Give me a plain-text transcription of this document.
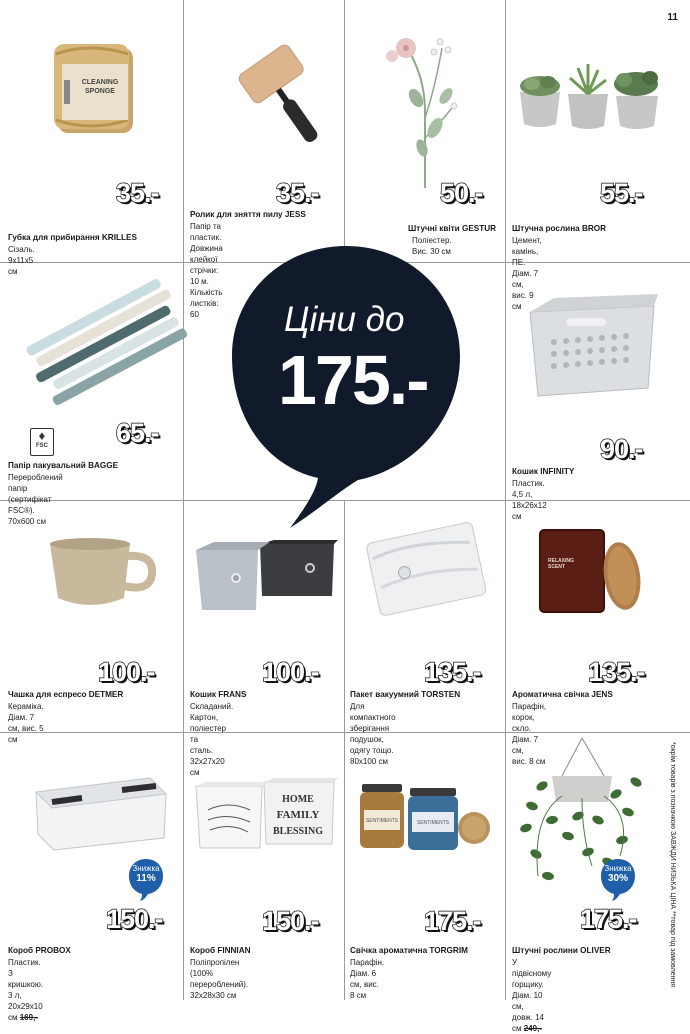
11
CLEANING
SPONGE
35.-
Губка для прибирання KRILLES
Сізаль. 9x11x5 см
35.-
Ролик для зняття пилу JESS
Папір та пластик. Довжина
клейкої стрічки: 10 м.
Кількість листків: 60
50.-
Штучні квіти GESTUR
Поліестер. Вис. 30 см
55.-
Штучна рослина BROR
Цемент, камінь, ПЕ. Діам. 7 см,
вис. 9 см
65.-
♦
FSC
Папір пакувальний BAGGE
Перероблений папір (сертифікат
FSC®). 70x600 см
Ціни до
175.-
90.-
Кошик INFINITY
Пластик. 4,5 л, 18x26x12 см
100.-
Чашка для еспресо DETMER
Кераміка. Діам. 7 см, вис. 5 см
100.-
Кошик FRANS
Складаний. Картон, поліестер та
сталь. 32x27x20 см
135.-
Пакет вакуумний TORSTEN
Для компактного зберігання
подушок, одягу тощо. 80x100 см
RELAXING
SCENT
135.-
Ароматична свічка JENS
Парафін, корок, скло. Діам. 7 см,
вис. 8 см
Знижка
11%
150.-
Короб PROBOX
Пластик. З кришкою. 3 л,
20x29x10 см 169,-
HOME
FAMILY
BLESSING
150.-
Короб FINNIAN
Поліпропілен (100% перероблений).
32x28x30 см
SENTIMENTS	SENTIMENTS
175.-
Свічка ароматична TORGRIM
Парафін. Діам. 6 см, вис. 8 см
Знижка
30%
175.-
Штучні рослини OLIVER
У підвісному горщику. Діам. 10 см,
довж. 14 см 249,-
*окрім товарів з позначкою ЗАВЖДИ НИЗЬКА ЦІНА **товар під замовлення
